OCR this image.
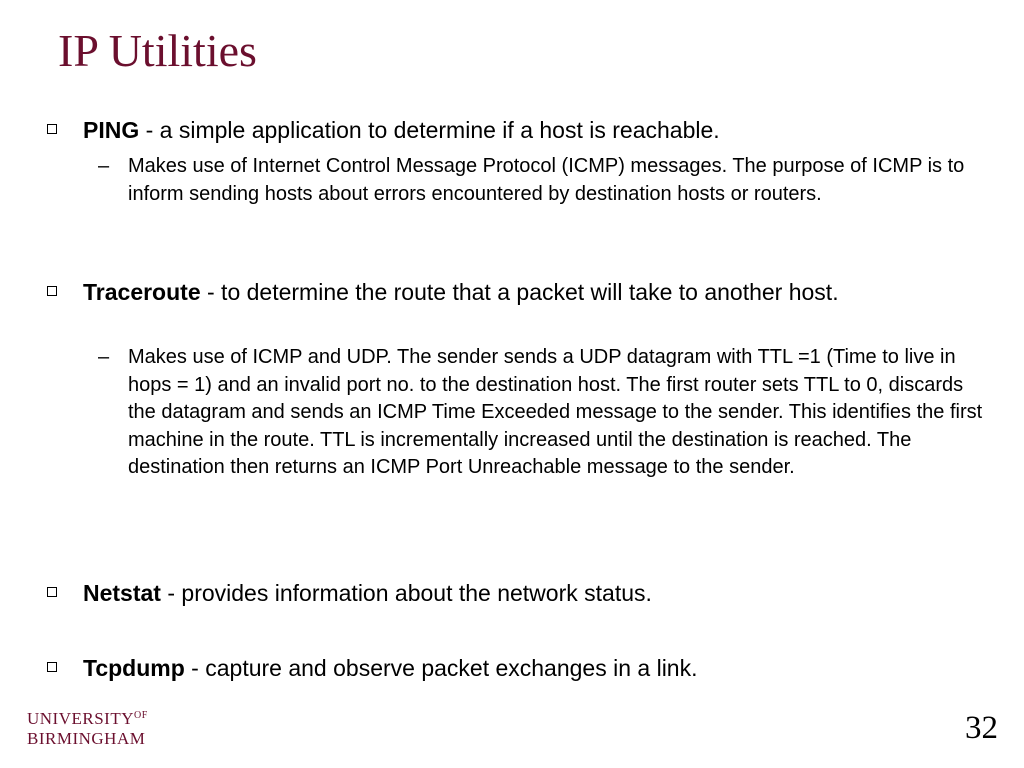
IP Utilities
PING - a simple application to determine if a host is reachable.
– Makes use of Internet Control Message Protocol (ICMP) messages. The purpose of ICMP is to inform sending hosts about errors encountered by destination hosts or routers.
Traceroute - to determine the route that a packet will take to another host.
– Makes use of ICMP and UDP. The sender sends a UDP datagram with TTL =1 (Time to live in hops = 1) and an invalid port no. to the destination host. The first router sets TTL to 0, discards the datagram and sends an ICMP Time Exceeded message to the sender. This identifies the first machine in the route. TTL is incrementally increased until the destination is reached. The destination then returns an ICMP Port Unreachable message to the sender.
Netstat - provides information about the network status.
Tcpdump - capture and observe packet exchanges in a link.
$UNIVERSITY^{OF}$
BIRMINGHAM	32
